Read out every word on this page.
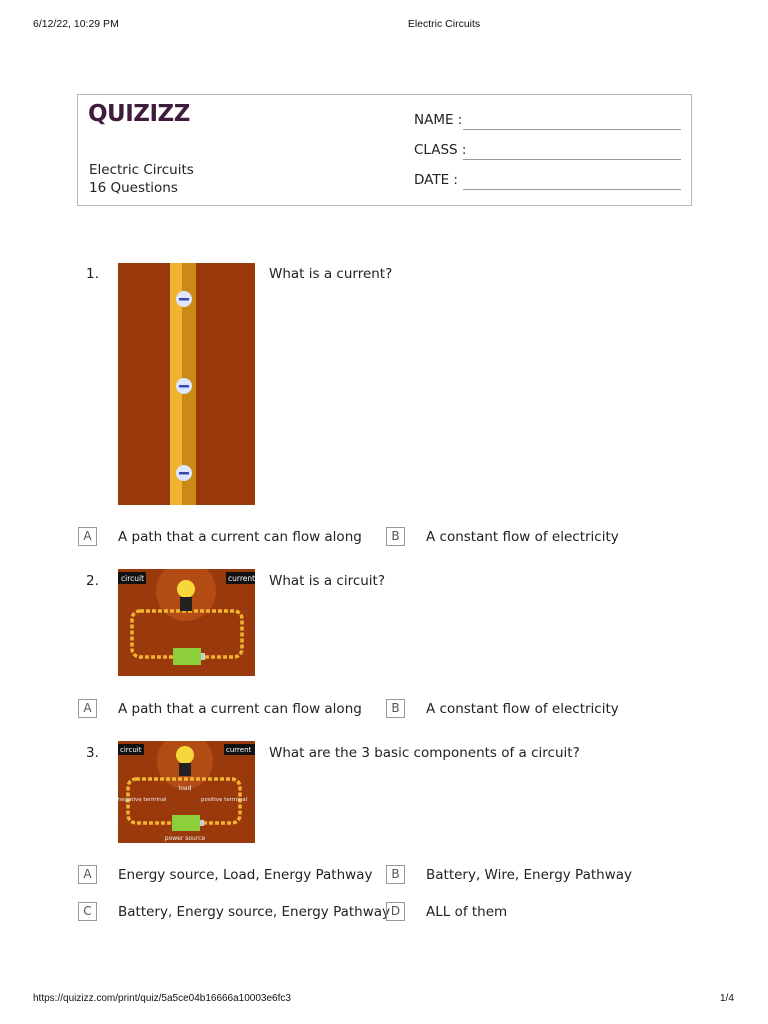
6/12/22, 10:29 PM	Electric Circuits
QUIZIZZ
Electric Circuits
16 Questions
NAME :
CLASS :
DATE :
1.	What is a current?
A	A path that a current can flow along	B	A constant flow of electricity
2.	circuit	current What is a circuit?
A	A path that a current can flow along	B	A constant flow of electricity
3.	circuit	current
load
negative terminal	positive terminal
power source
What are the 3 basic components of a circuit?
A	Energy source, Load, Energy Pathway	B	Battery, Wire, Energy Pathway
C	Battery, Energy source, Energy Pathway D	ALL of them
https://quizizz.com/print/quiz/5a5ce04b16666a10003e6fc3	1/4
